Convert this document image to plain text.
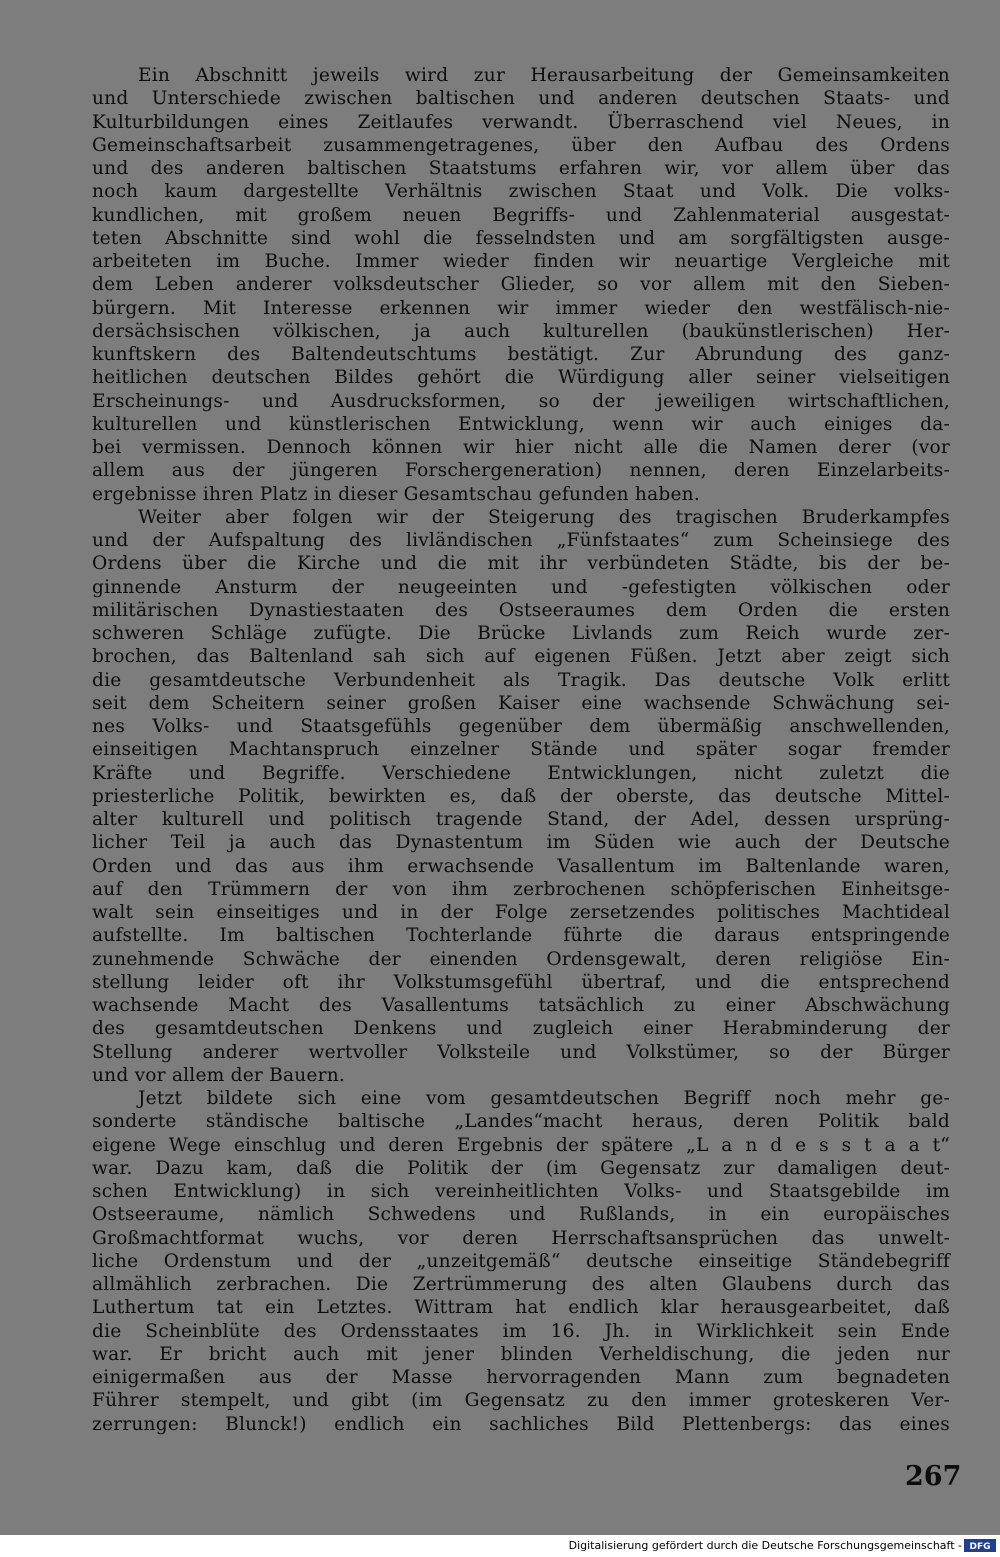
Ein Abschnitt jeweils wird zur Herausarbeitung der Gemeinsamkeiten
und Unterschiede zwischen baltischen und anderen deutschen Staats- und
Kulturbildungen eines Zeitlaufes verwandt. Überraschend viel Neues, in
Gemeinschaftsarbeit zusammengetragenes, über den Aufbau des Ordens
und des anderen baltischen Staatstums erfahren wir, vor allem über das
noch kaum dargestellte Verhältnis zwischen Staat und Volk. Die volks-
kundlichen, mit großem neuen Begriffs- und Zahlenmaterial ausgestat-
teten Abschnitte sind wohl die fesselndsten und am sorgfältigsten ausge-
arbeiteten im Buche. Immer wieder finden wir neuartige Vergleiche mit
dem Leben anderer volksdeutscher Glieder, so vor allem mit den Sieben-
bürgern. Mit Interesse erkennen wir immer wieder den westfälisch-nie-
dersächsischen völkischen, ja auch kulturellen (baukünstlerischen) Her-
kunftskern des Baltendeutschtums bestätigt. Zur Abrundung des ganz-
heitlichen deutschen Bildes gehört die Würdigung aller seiner vielseitigen
Erscheinungs- und Ausdrucksformen, so der jeweiligen wirtschaftlichen,
kulturellen und künstlerischen Entwicklung, wenn wir auch einiges da-
bei vermissen. Dennoch können wir hier nicht alle die Namen derer (vor
allem aus der jüngeren Forschergeneration) nennen, deren Einzelarbeits-
ergebnisse ihren Platz in dieser Gesamtschau gefunden haben.
Weiter aber folgen wir der Steigerung des tragischen Bruderkampfes
und der Aufspaltung des livländischen „Fünfstaates“ zum Scheinsiege des
Ordens über die Kirche und die mit ihr verbündeten Städte, bis der be-
ginnende Ansturm der neugeeinten und -gefestigten völkischen oder
militärischen Dynastiestaaten des Ostseeraumes dem Orden die ersten
schweren Schläge zufügte. Die Brücke Livlands zum Reich wurde zer-
brochen, das Baltenland sah sich auf eigenen Füßen. Jetzt aber zeigt sich
die gesamtdeutsche Verbundenheit als Tragik. Das deutsche Volk erlitt
seit dem Scheitern seiner großen Kaiser eine wachsende Schwächung sei-
nes Volks- und Staatsgefühls gegenüber dem übermäßig anschwellenden,
einseitigen Machtanspruch einzelner Stände und später sogar fremder
Kräfte und Begriffe. Verschiedene Entwicklungen, nicht zuletzt die
priesterliche Politik, bewirkten es, daß der oberste, das deutsche Mittel-
alter kulturell und politisch tragende Stand, der Adel, dessen ursprüng-
licher Teil ja auch das Dynastentum im Süden wie auch der Deutsche
Orden und das aus ihm erwachsende Vasallentum im Baltenlande waren,
auf den Trümmern der von ihm zerbrochenen schöpferischen Einheitsge-
walt sein einseitiges und in der Folge zersetzendes politisches Machtideal
aufstellte. Im baltischen Tochterlande führte die daraus entspringende
zunehmende Schwäche der einenden Ordensgewalt, deren religiöse Ein-
stellung leider oft ihr Volkstumsgefühl übertraf, und die entsprechend
wachsende Macht des Vasallentums tatsächlich zu einer Abschwächung
des gesamtdeutschen Denkens und zugleich einer Herabminderung der
Stellung anderer wertvoller Volksteile und Volkstümer, so der Bürger
und vor allem der Bauern.
Jetzt bildete sich eine vom gesamtdeutschen Begriff noch mehr ge-
sonderte ständische baltische „Landes“macht heraus, deren Politik bald
eigene Wege einschlug und deren Ergebnis der spätere „L a n d e s s t a a t“
war. Dazu kam, daß die Politik der (im Gegensatz zur damaligen deut-
schen Entwicklung) in sich vereinheitlichten Volks- und Staatsgebilde im
Ostseeraume, nämlich Schwedens und Rußlands, in ein europäisches
Großmachtformat wuchs, vor deren Herrschaftsansprüchen das unwelt-
liche Ordenstum und der „unzeitgemäß“ deutsche einseitige Ständebegriff
allmählich zerbrachen. Die Zertrümmerung des alten Glaubens durch das
Luthertum tat ein Letztes. Wittram hat endlich klar herausgearbeitet, daß
die Scheinblüte des Ordensstaates im 16. Jh. in Wirklichkeit sein Ende
war. Er bricht auch mit jener blinden Verheldischung, die jeden nur
einigermaßen aus der Masse hervorragenden Mann zum begnadeten
Führer stempelt, und gibt (im Gegensatz zu den immer groteskeren Ver-
zerrungen: Blunck!) endlich ein sachliches Bild Plettenbergs: das eines
267
Digitalisierung gefördert durch die Deutsche Forschungsgemeinschaft - DFG
